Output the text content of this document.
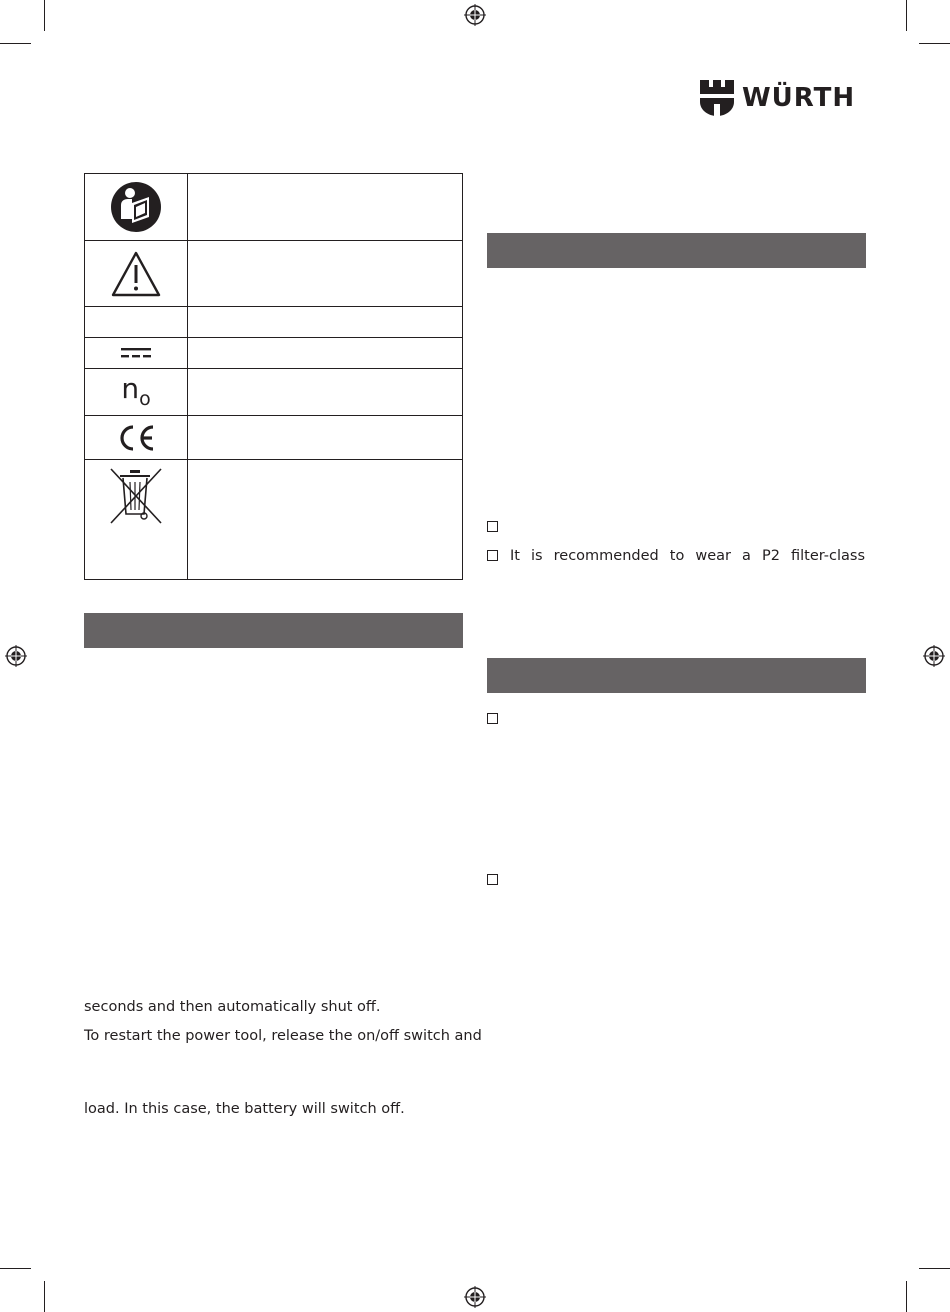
WÜRTH
$n_o$
seconds and then automatically shut off.
To restart the power tool, release the on/off switch and
load. In this case, the battery will switch off.
It is recommended to wear a P2 filter-class
